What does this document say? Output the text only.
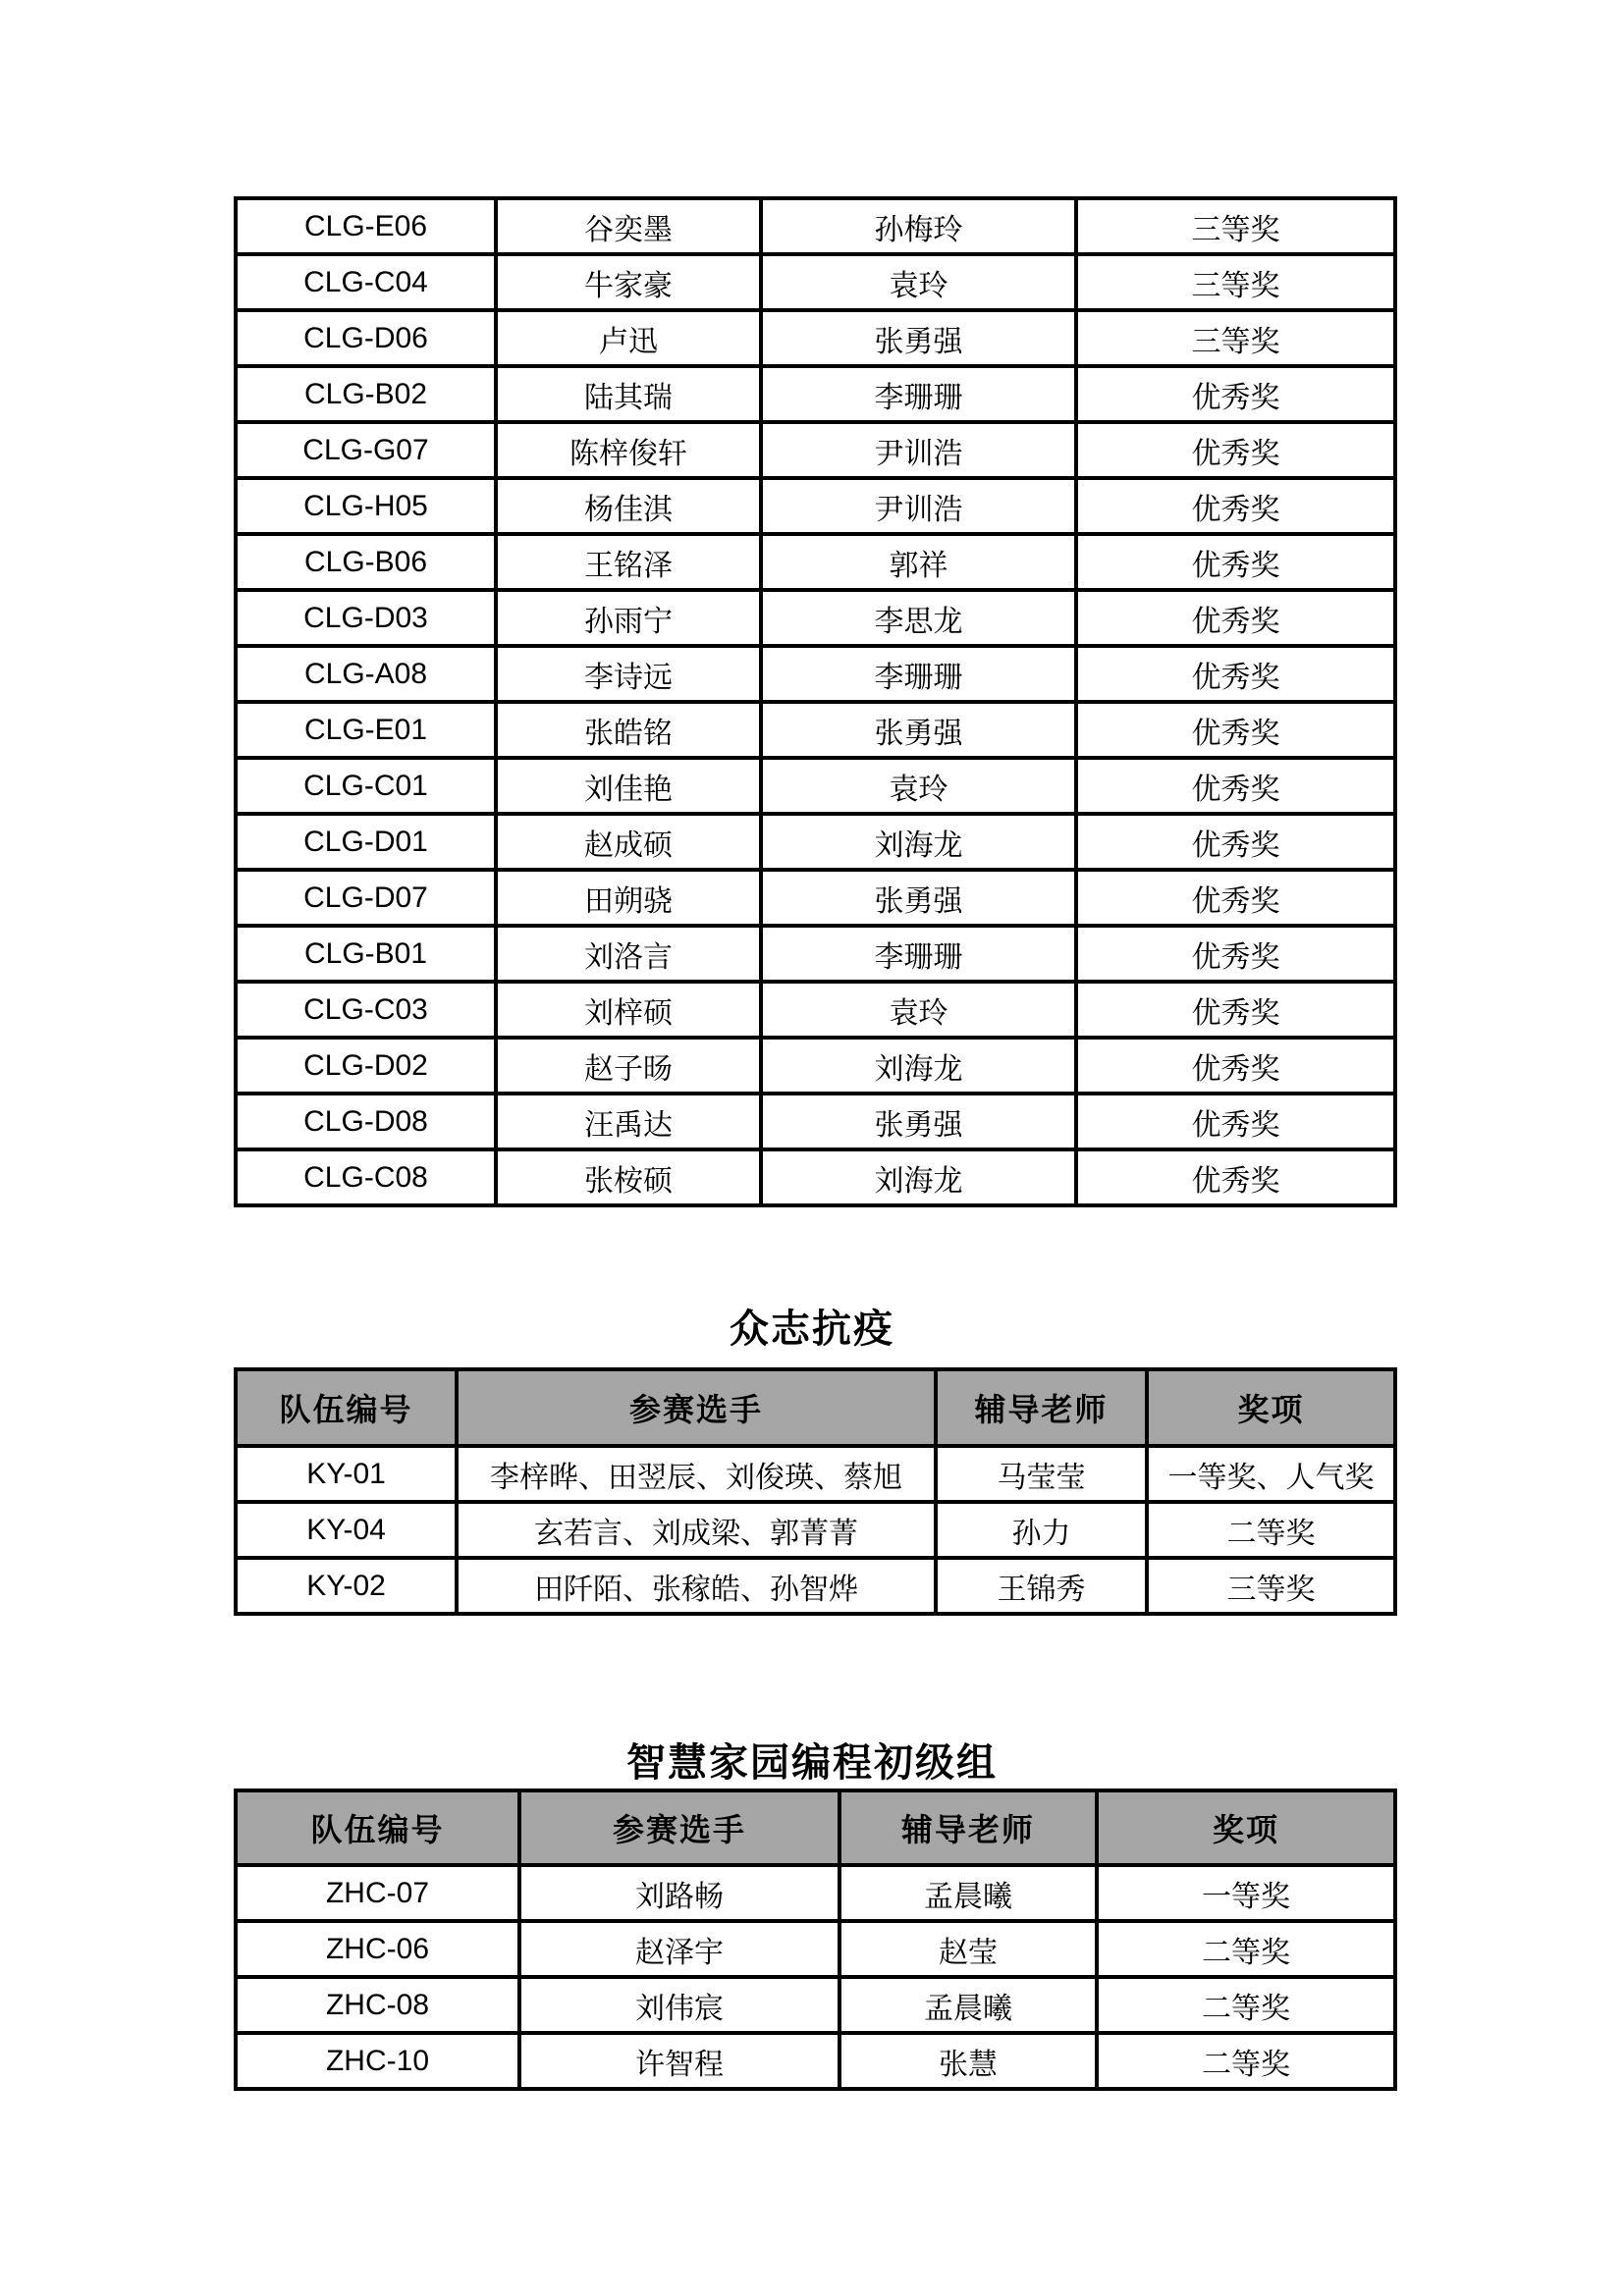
CLG-E06	谷奕墨	孙梅玲	三等奖
CLG-C04	牛家豪	袁玲	三等奖
CLG-D06	卢迅	张勇强	三等奖
CLG-B02	陆其瑞	李珊珊	优秀奖
CLG-G07	陈梓俊轩	尹训浩	优秀奖
CLG-H05	杨佳淇	尹训浩	优秀奖
CLG-B06	王铭泽	郭祥	优秀奖
CLG-D03	孙雨宁	李思龙	优秀奖
CLG-A08	李诗远	李珊珊	优秀奖
CLG-E01	张皓铭	张勇强	优秀奖
CLG-C01	刘佳艳	袁玲	优秀奖
CLG-D01	赵成硕	刘海龙	优秀奖
CLG-D07	田朔骁	张勇强	优秀奖
CLG-B01	刘洛言	李珊珊	优秀奖
CLG-C03	刘梓硕	袁玲	优秀奖
CLG-D02	赵子旸	刘海龙	优秀奖
CLG-D08	汪禹达	张勇强	优秀奖
CLG-C08	张桉硕	刘海龙	优秀奖
众志抗疫
队伍编号	参赛选手	辅导老师	奖项
KY-01	李梓晔、田翌辰、刘俊瑛、蔡旭	马莹莹	一等奖、人气奖
KY-04	玄若言、刘成梁、郭菁菁	孙力	二等奖
KY-02	田阡陌、张稼皓、孙智烨	王锦秀	三等奖
智慧家园编程初级组
队伍编号	参赛选手	辅导老师	奖项
ZHC-07	刘路畅	孟晨曦	一等奖
ZHC-06	赵泽宇	赵莹	二等奖
ZHC-08	刘伟宸	孟晨曦	二等奖
ZHC-10	许智程	张慧	二等奖
